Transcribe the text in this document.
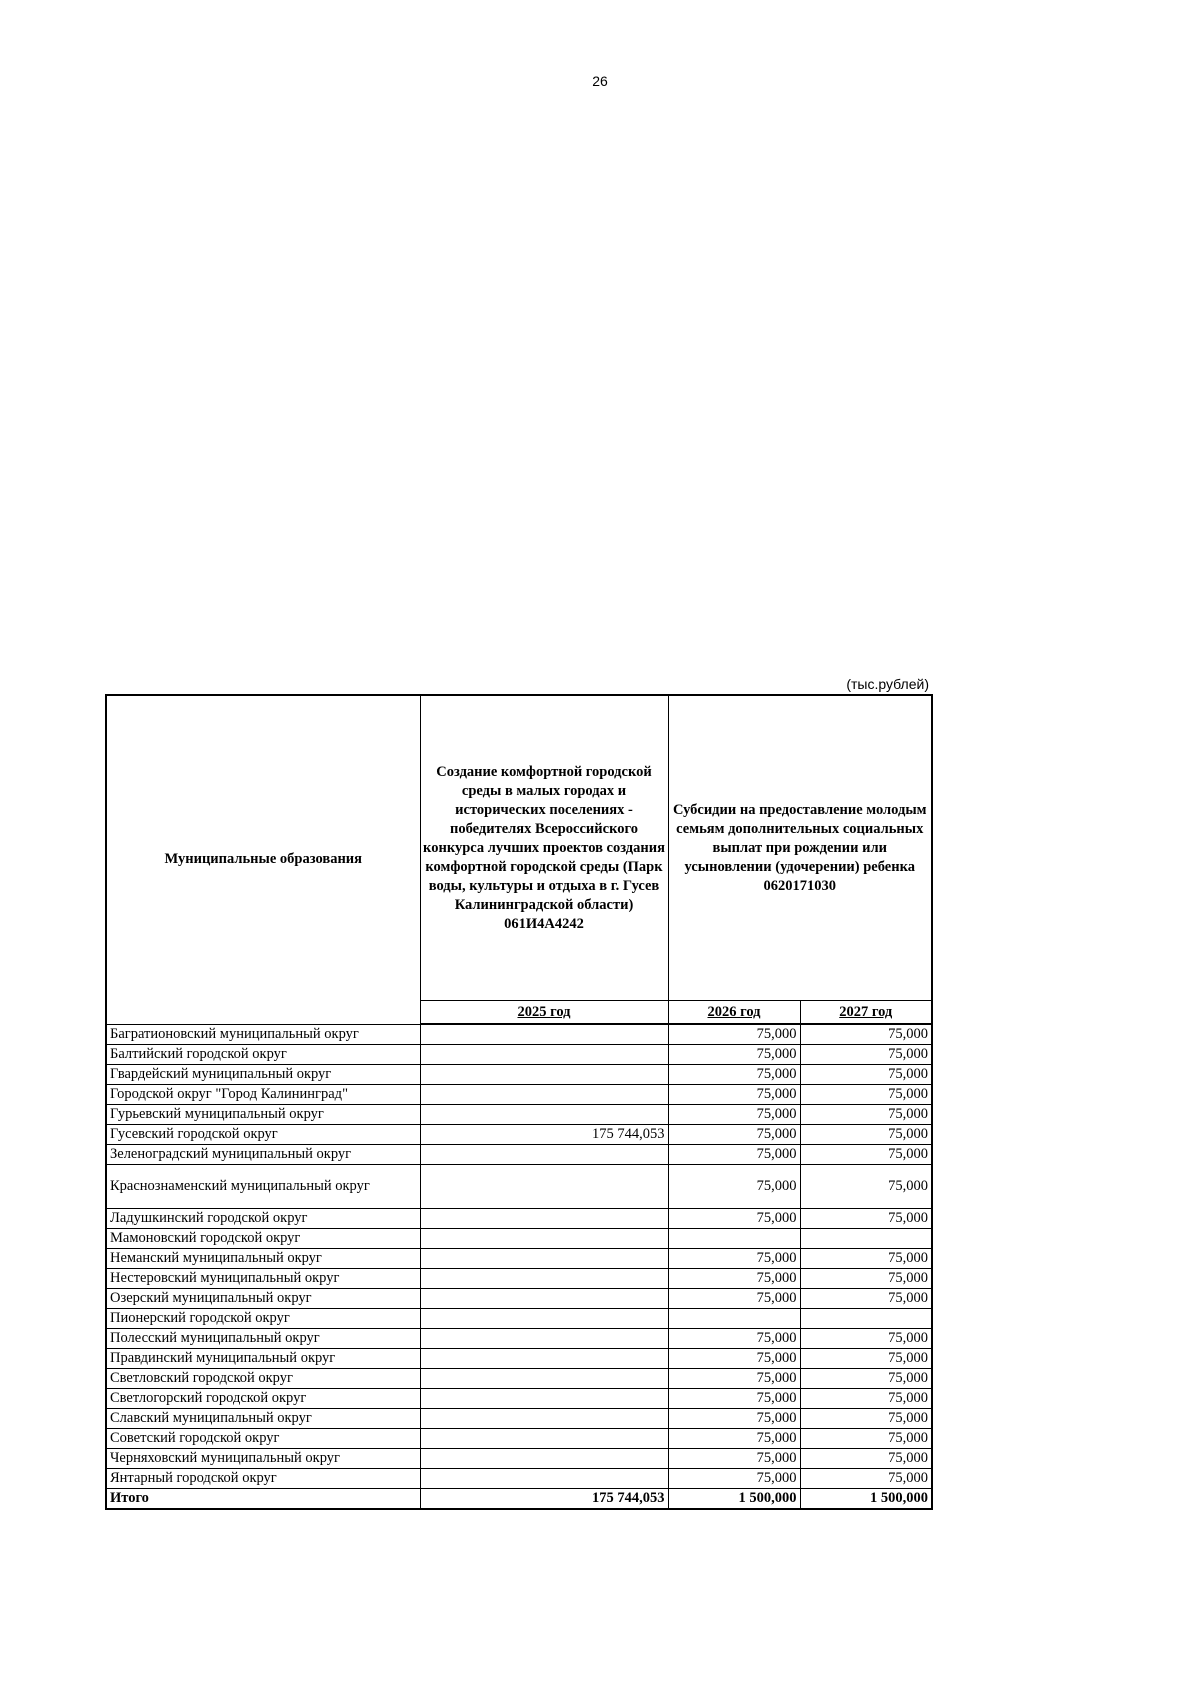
26
(тыс.рублей)
Муниципальные образования	Создание комфортной городской среды в малых городах и исторических поселениях - победителях Всероссийского конкурса лучших проектов создания комфортной городской среды (Парк воды, культуры и отдыха в г. Гусев Калининградской области) 061И4А4242	Субсидии на предоставление молодым семьям дополнительных социальных выплат при рождении или усыновлении (удочерении) ребенка 0620171030	
	2025 год	2026 год	2027 год
Багратионовский муниципальный округ		75,000	75,000
Балтийский городской округ		75,000	75,000
Гвардейский муниципальный округ		75,000	75,000
Городской округ "Город Калининград"		75,000	75,000
Гурьевский муниципальный округ		75,000	75,000
Гусевский городской округ	175 744,053	75,000	75,000
Зеленоградский муниципальный округ		75,000	75,000
Краснознаменский муниципальный округ		75,000	75,000
Ладушкинский городской округ		75,000	75,000
Мамоновский городской округ			
Неманский муниципальный округ		75,000	75,000
Нестеровский муниципальный округ		75,000	75,000
Озерский муниципальный округ		75,000	75,000
Пионерский городской округ			
Полесский муниципальный округ		75,000	75,000
Правдинский муниципальный округ		75,000	75,000
Светловский городской округ		75,000	75,000
Светлогорский городской округ		75,000	75,000
Славский муниципальный округ		75,000	75,000
Советский городской округ		75,000	75,000
Черняховский муниципальный округ		75,000	75,000
Янтарный городской округ		75,000	75,000
Итого	175 744,053	1 500,000	1 500,000
